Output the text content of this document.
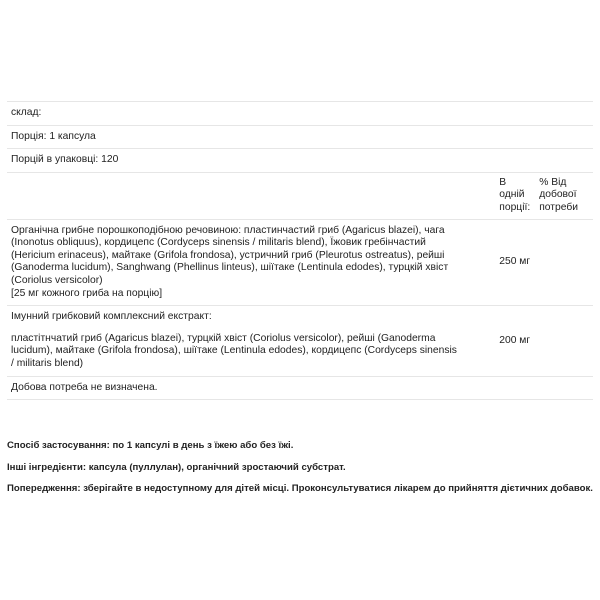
склад:		
Порція: 1 капсула		
Порцій в упаковці: 120		

	В
одній
порції:	% Від
добової
потреби

Органічна грибне порошкоподібною речовиною: пластинчастий гриб (Agaricus blazei), чага
(Inonotus obliquus), кордицепс (Cordyceps sinensis / militaris blend), Їжовик гребінчастий
(Hericium erinaceus), майтаке (Grifola frondosa), устричний гриб (Pleurotus ostreatus), рейші
(Ganoderma lucidum), Sanghwang (Phellinus linteus), шіїтаке (Lentinula edodes), турцкій хвіст
(Coriolus versicolor)
[25 мг кожного гриба на порцію]
	250 мг	

Імунний грибковий комплексний екстракт:
пластітнчатий гриб (Agaricus blazei), турцкій хвіст (Coriolus versicolor), рейші (Ganoderma
lucidum), майтаке (Grifola frondosa), шіїтаке (Lentinula edodes), кордицепс (Cordyceps sinensis
/ militaris blend)	200 мг	
Добова потреба не визначена.		

Спосіб застосування: по 1 капсулі в день з їжею або без їжі.

Інші інгредієнти: капсула (пуллулан), органічний зростаючий субстрат.

Попередження: зберігайте в недоступному для дітей місці. Проконсультуватися лікарем до прийняття дієтичних добавок.
